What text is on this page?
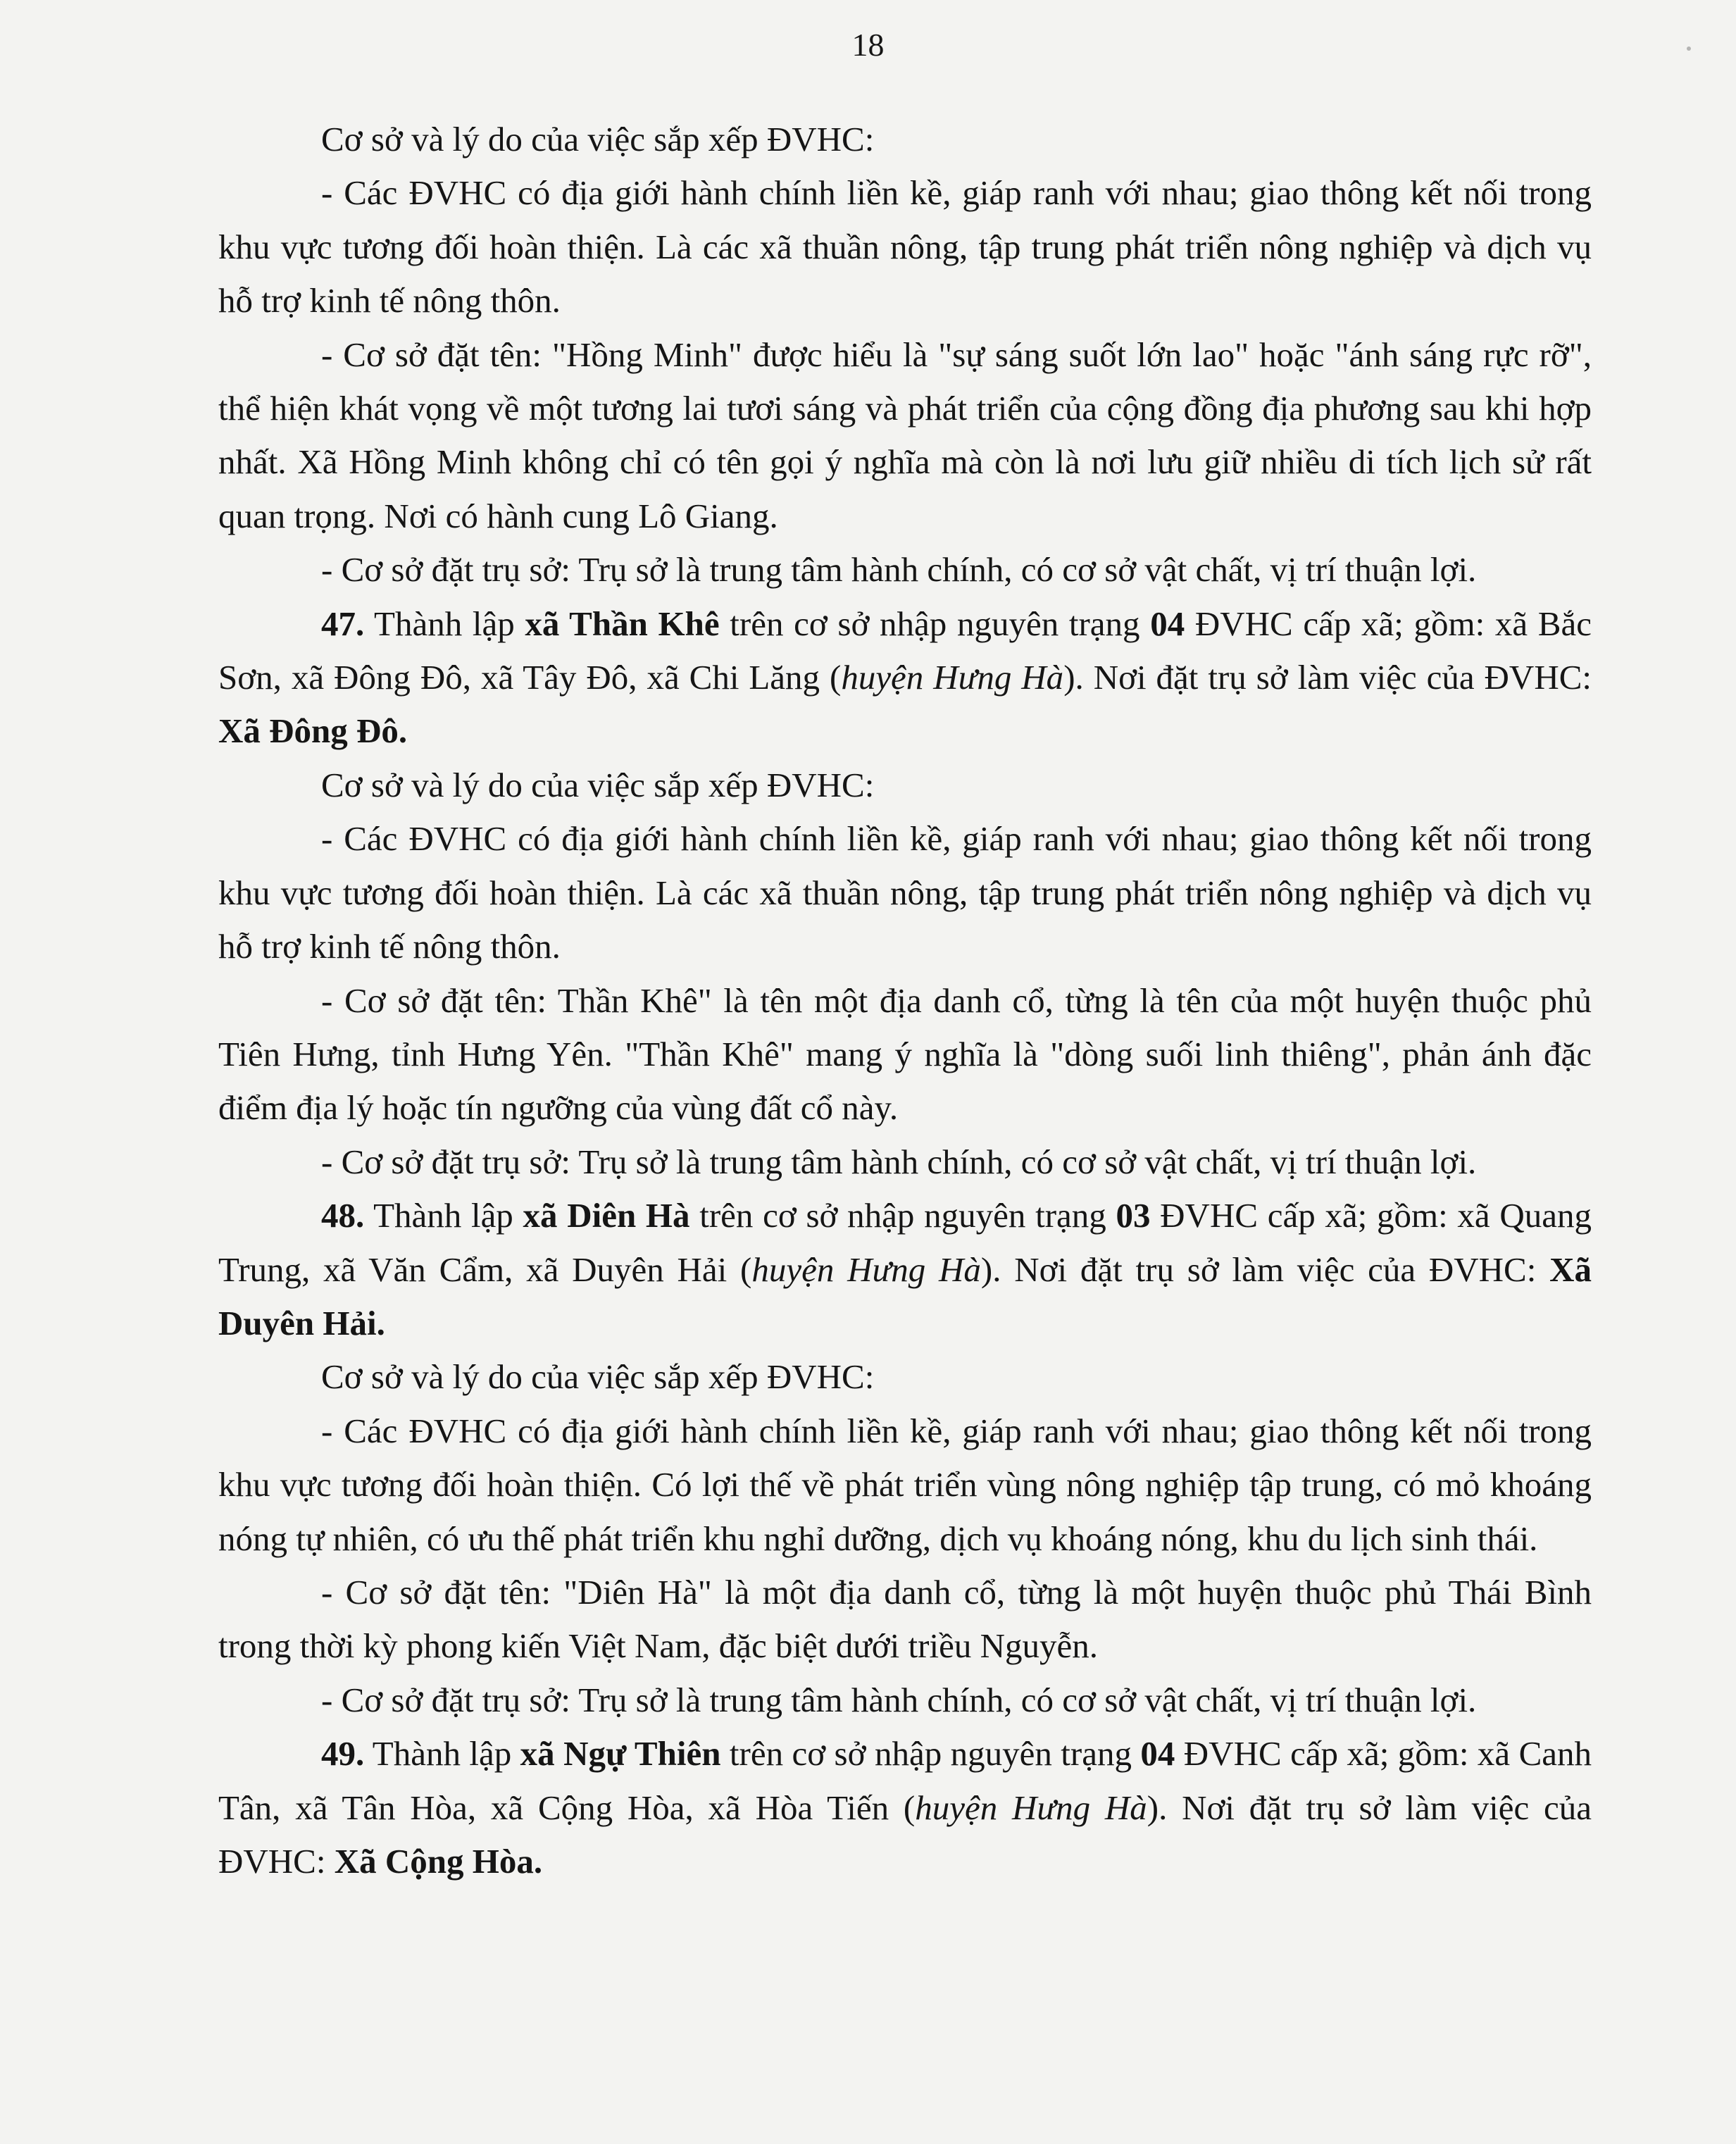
18

Cơ sở và lý do của việc sắp xếp ĐVHC:

- Các ĐVHC có địa giới hành chính liền kề, giáp ranh với nhau; giao thông kết nối trong khu vực tương đối hoàn thiện. Là các xã thuần nông, tập trung phát triển nông nghiệp và dịch vụ hỗ trợ kinh tế nông thôn.

- Cơ sở đặt tên: "Hồng Minh" được hiểu là "sự sáng suốt lớn lao" hoặc "ánh sáng rực rỡ", thể hiện khát vọng về một tương lai tươi sáng và phát triển của cộng đồng địa phương sau khi hợp nhất. Xã Hồng Minh không chỉ có tên gọi ý nghĩa mà còn là nơi lưu giữ nhiều di tích lịch sử rất quan trọng. Nơi có hành cung Lô Giang.

- Cơ sở đặt trụ sở: Trụ sở là trung tâm hành chính, có cơ sở vật chất, vị trí thuận lợi.

47. Thành lập xã Thần Khê trên cơ sở nhập nguyên trạng 04 ĐVHC cấp xã; gồm: xã Bắc Sơn, xã Đông Đô, xã Tây Đô, xã Chi Lăng (huyện Hưng Hà). Nơi đặt trụ sở làm việc của ĐVHC: Xã Đông Đô.

Cơ sở và lý do của việc sắp xếp ĐVHC:

- Các ĐVHC có địa giới hành chính liền kề, giáp ranh với nhau; giao thông kết nối trong khu vực tương đối hoàn thiện. Là các xã thuần nông, tập trung phát triển nông nghiệp và dịch vụ hỗ trợ kinh tế nông thôn.

- Cơ sở đặt tên: Thần Khê" là tên một địa danh cổ, từng là tên của một huyện thuộc phủ Tiên Hưng, tỉnh Hưng Yên. "Thần Khê" mang ý nghĩa là "dòng suối linh thiêng", phản ánh đặc điểm địa lý hoặc tín ngưỡng của vùng đất cổ này.

- Cơ sở đặt trụ sở: Trụ sở là trung tâm hành chính, có cơ sở vật chất, vị trí thuận lợi.

48. Thành lập xã Diên Hà trên cơ sở nhập nguyên trạng 03 ĐVHC cấp xã; gồm: xã Quang Trung, xã Văn Cẩm, xã Duyên Hải (huyện Hưng Hà). Nơi đặt trụ sở làm việc của ĐVHC: Xã Duyên Hải.

Cơ sở và lý do của việc sắp xếp ĐVHC:

- Các ĐVHC có địa giới hành chính liền kề, giáp ranh với nhau; giao thông kết nối trong khu vực tương đối hoàn thiện. Có lợi thế về phát triển vùng nông nghiệp tập trung, có mỏ khoáng nóng tự nhiên, có ưu thế phát triển khu nghỉ dưỡng, dịch vụ khoáng nóng, khu du lịch sinh thái.

- Cơ sở đặt tên: "Diên Hà" là một địa danh cổ, từng là một huyện thuộc phủ Thái Bình trong thời kỳ phong kiến Việt Nam, đặc biệt dưới triều Nguyễn.

- Cơ sở đặt trụ sở: Trụ sở là trung tâm hành chính, có cơ sở vật chất, vị trí thuận lợi.

49. Thành lập xã Ngự Thiên trên cơ sở nhập nguyên trạng 04 ĐVHC cấp xã; gồm: xã Canh Tân, xã Tân Hòa, xã Cộng Hòa, xã Hòa Tiến (huyện Hưng Hà). Nơi đặt trụ sở làm việc của ĐVHC: Xã Cộng Hòa.
